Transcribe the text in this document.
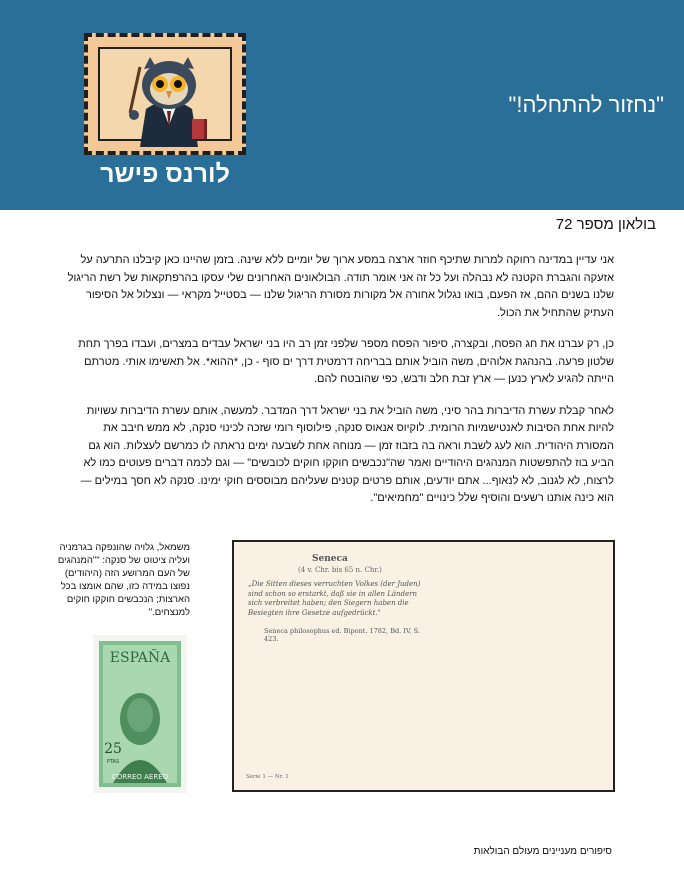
"נחזור להתחלה!"
לורנס פישר
בולאון מספר 72

אני עדיין במדינה רחוקה למרות שתיכף חוזר ארצה במסע ארוך של יומיים ללא שינה. בזמן שהיינו כאן קיבלנו התרעה על אזעקה והגברת הקטנה לא נבהלה ועל כל זה אני אומר תודה. הבולאונים האחרונים שלי עסקו בהרפתקאות של רשת הריגול שלנו בשנים ההם, אז הפעם, בואו נגלול אחורה אל מקורות מסורת הריגול שלנו — בסטייל מקראי — ונצלול אל הסיפור העתיק שהתחיל את הכול.

כן, רק עברנו את חג הפסח, ובקצרה, סיפור הפסח מספר שלפני זמן רב היו בני ישראל עבדים במצרים, ועבדו בפרך תחת שלטון פרעה. בהנהגת אלוהים, משה הוביל אותם בבריחה דרמטית דרך ים סוף - כן, *ההוא*. אל תאשימו אותי. מטרתם הייתה להגיע לארץ כנען — ארץ זבת חלב ודבש, כפי שהובטח להם.

לאחר קבלת עשרת הדיברות בהר סיני, משה הוביל את בני ישראל דרך המדבר. למעשה, אותם עשרת הדיברות עשויות להיות אחת הסיבות לאנטישמיות הרומית. לוקיוס אנאוס סנקה, פילוסוף רומי שזכה לכינוי סנקה, לא ממש חיבב את המסורת היהודית. הוא לעג לשבת וראה בה בזבוז זמן — מנוחה אחת לשבעה ימים נראתה לו כמרשם לעצלות. הוא גם הביע בוז להתפשטות המנהגים היהודיים ואמר שה"נכבשים חוקקו חוקים לכובשים" — וגם לכמה דברים פעוטים כמו לא לרצוח, לא לגנוב, לא לנאוף... אתם יודעים, אותם פרטים קטנים שעליהם מבוססים חוקי ימינו. סנקה לא חסך במילים — הוא כינה אותנו רשעים והוסיף שלל כינויים "מחמיאים".

משמאל, גלויה שהונפקה בגרמניה ועליה ציטוט של סנקה: ""המנהגים של העם המרושע הזה (היהודים) נפוצו במידה כזו, שהם אומצו בכל הארצות; הנכבשים חוקקו חוקים למנצחים."
ESPAÑA
25
PTAS
CORREO AEREO
Seneca
(4 v. Chr. bis 65 n. Chr.)
„Die Sitten dieses verruchten Volkes (der Juden) sind schon so erstarkt, daß sie in allen Ländern sich verbreitet haben; den Siegern haben die Besiegten ihre Gesetze aufgedrückt."
Seneca philosophus ed. Bipont. 1782, Bd. IV, S. 423.
Serie 1 — Nr. 1
סיפורים מעניינים מעולם הבולאות
